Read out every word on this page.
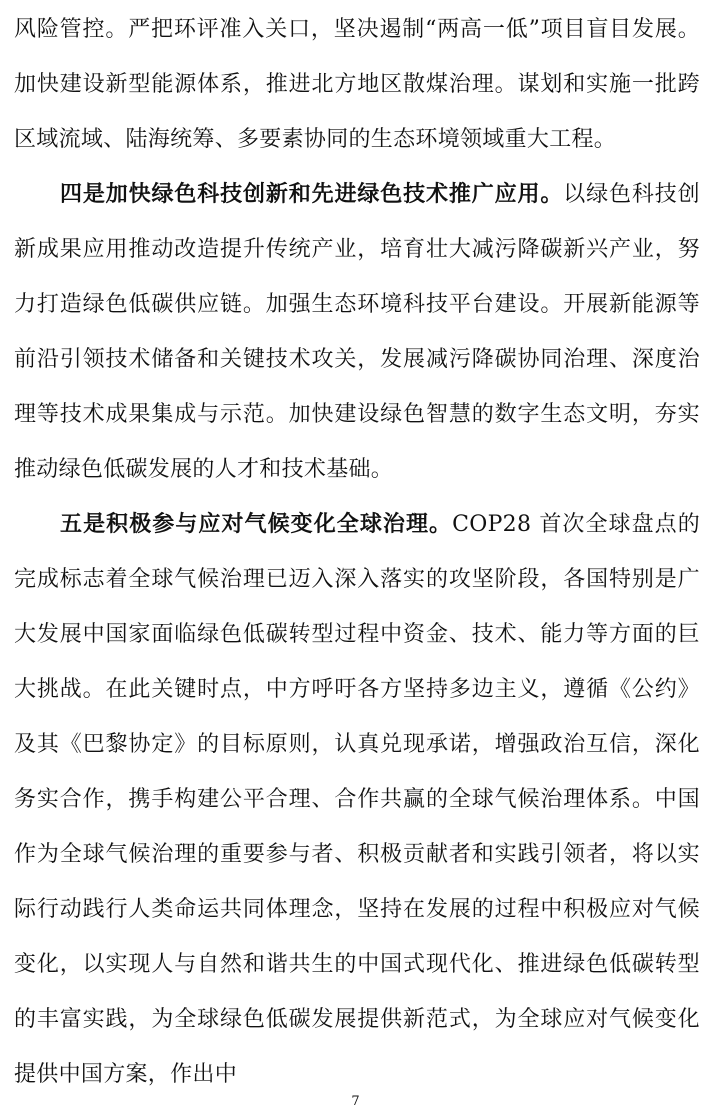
风险管控。严把环评准入关口，坚决遏制“两高一低”项目盲目发展。加快建设新型能源体系，推进北方地区散煤治理。谋划和实施一批跨区域流域、陆海统筹、多要素协同的生态环境领域重大工程。

四是加快绿色科技创新和先进绿色技术推广应用。以绿色科技创新成果应用推动改造提升传统产业，培育壮大减污降碳新兴产业，努力打造绿色低碳供应链。加强生态环境科技平台建设。开展新能源等前沿引领技术储备和关键技术攻关，发展减污降碳协同治理、深度治理等技术成果集成与示范。加快建设绿色智慧的数字生态文明，夯实推动绿色低碳发展的人才和技术基础。

五是积极参与应对气候变化全球治理。COP28 首次全球盘点的完成标志着全球气候治理已迈入深入落实的攻坚阶段，各国特别是广大发展中国家面临绿色低碳转型过程中资金、技术、能力等方面的巨大挑战。在此关键时点，中方呼吁各方坚持多边主义，遵循《公约》及其《巴黎协定》的目标原则，认真兑现承诺，增强政治互信，深化务实合作，携手构建公平合理、合作共赢的全球气候治理体系。中国作为全球气候治理的重要参与者、积极贡献者和实践引领者，将以实际行动践行人类命运共同体理念，坚持在发展的过程中积极应对气候变化，以实现人与自然和谐共生的中国式现代化、推进绿色低碳转型的丰富实践，为全球绿色低碳发展提供新范式，为全球应对气候变化提供中国方案，作出中

7
